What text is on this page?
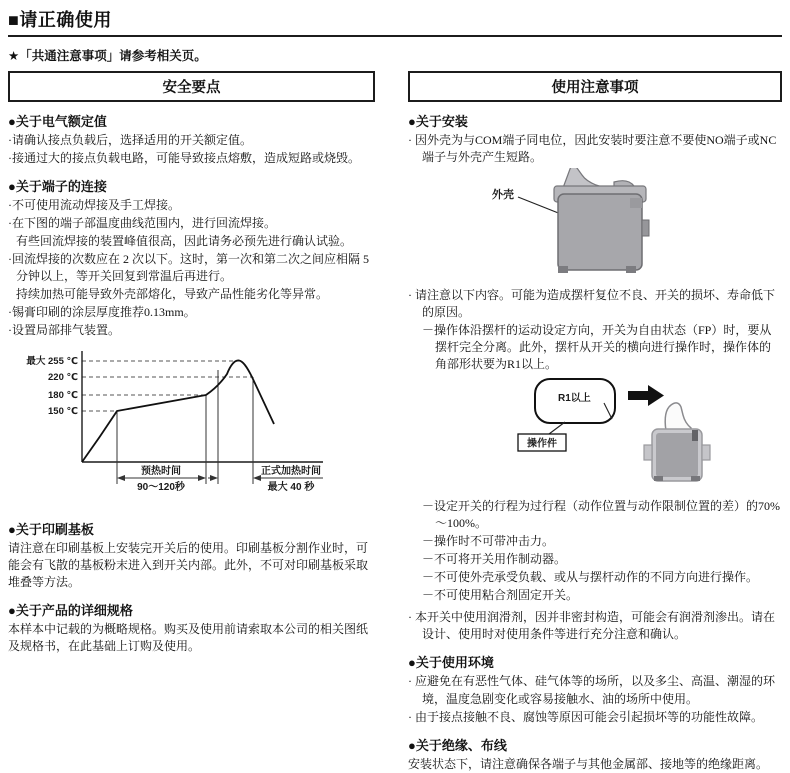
■请正确使用
★「共通注意事项」请参考相关页。
安全要点
●关于电气额定值
·请确认接点负载后，选择适用的开关额定值。
·接通过大的接点负载电路，可能导致接点熔敷，造成短路或烧毁。
●关于端子的连接
·不可使用流动焊接及手工焊接。
·在下图的端子部温度曲线范围内，进行回流焊接。
有些回流焊接的装置峰值很高，因此请务必预先进行确认试验。
·回流焊接的次数应在 2 次以下。这时，第一次和第二次之间应相隔 5分钟以上，等开关回复到常温后再进行。
持续加热可能导致外壳部熔化，导致产品性能劣化等异常。
·锡膏印刷的涂层厚度推荐0.13mm。
·设置局部排气装置。
最大 255 ℃
220 ℃
180 ℃
150 ℃
预热时间
90～120秒
正式加热时间
最大 40 秒
●关于印刷基板
请注意在印刷基板上安装完开关后的使用。印刷基板分割作业时，可能会有飞散的基板粉末进入到开关内部。此外，不可对印刷基板采取堆叠等方法。
●关于产品的详细规格
本样本中记载的为概略规格。购买及使用前请索取本公司的相关图纸及规格书，在此基础上订购及使用。
使用注意事项
●关于安装
· 因外壳为与COM端子同电位，因此安装时要注意不要使NO端子或NC端子与外壳产生短路。
外壳
· 请注意以下内容。可能为造成摆杆复位不良、开关的损坏、寿命低下的原因。
－操作体沿摆杆的运动设定方向，开关为自由状态（FP）时，要从摆杆完全分离。此外，摆杆从开关的横向进行操作时，操作体的角部形状要为R1以上。
R1以上
操作件
－设定开关的行程为过行程（动作位置与动作限制位置的差）的70%～100%。
－操作时不可带冲击力。
－不可将开关用作制动器。
－不可使外壳承受负载、或从与摆杆动作的不同方向进行操作。
－不可使用粘合剂固定开关。
· 本开关中使用润滑剂，因并非密封构造，可能会有润滑剂渗出。请在设计、使用时对使用条件等进行充分注意和确认。
●关于使用环境
· 应避免在有恶性气体、硅气体等的场所，以及多尘、高温、潮湿的环境，温度急剧变化或容易接触水、油的场所中使用。
· 由于接点接触不良、腐蚀等原因可能会引起损坏等的功能性故障。
●关于绝缘、布线
安装状态下，请注意确保各端子与其他金属部、接地等的绝缘距离。
